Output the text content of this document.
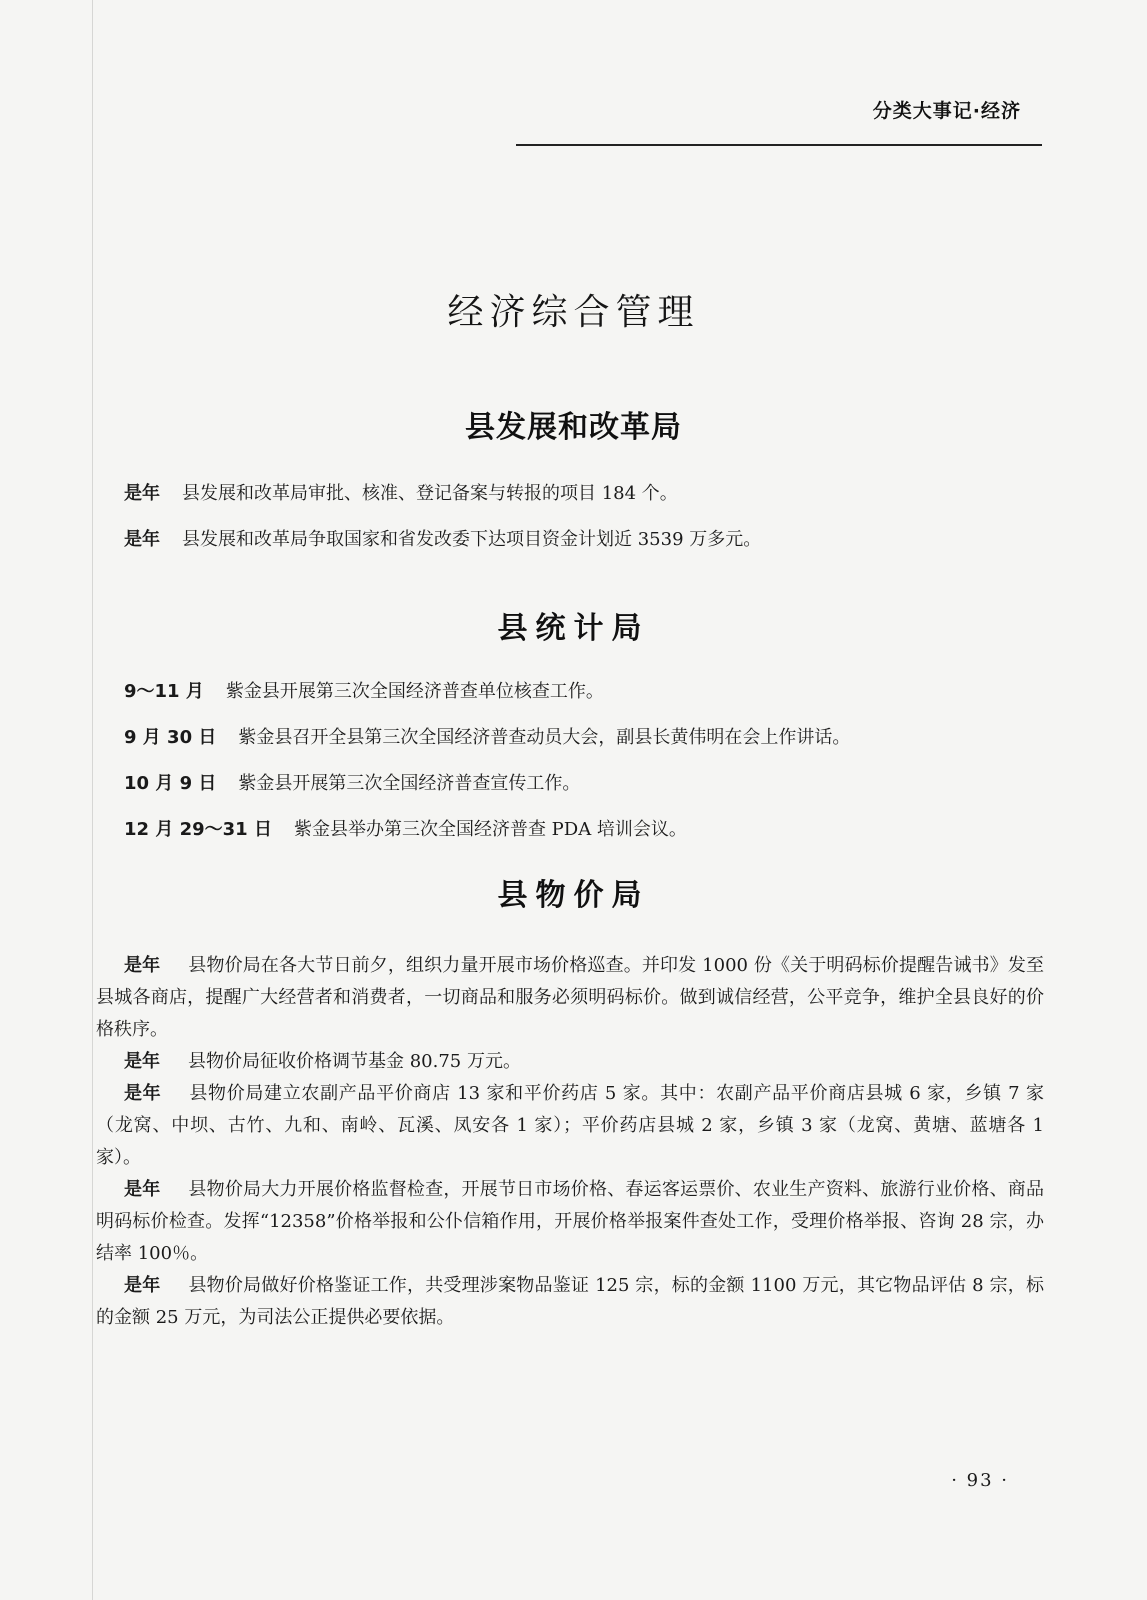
分类大事记·经济
经济综合管理
县发展和改革局
是年 县发展和改革局审批、核准、登记备案与转报的项目 184 个。
是年 县发展和改革局争取国家和省发改委下达项目资金计划近 3539 万多元。
县统计局
9～11 月 紫金县开展第三次全国经济普查单位核查工作。
9 月 30 日 紫金县召开全县第三次全国经济普查动员大会，副县长黄伟明在会上作讲话。
10 月 9 日 紫金县开展第三次全国经济普查宣传工作。
12 月 29～31 日 紫金县举办第三次全国经济普查 PDA 培训会议。
县物价局
是年 县物价局在各大节日前夕，组织力量开展市场价格巡查。并印发 1000 份《关于明码标价提醒告诫书》发至县城各商店，提醒广大经营者和消费者，一切商品和服务必须明码标价。做到诚信经营，公平竞争，维护全县良好的价格秩序。
是年 县物价局征收价格调节基金 80.75 万元。
是年 县物价局建立农副产品平价商店 13 家和平价药店 5 家。其中：农副产品平价商店县城 6 家，乡镇 7 家（龙窝、中坝、古竹、九和、南岭、瓦溪、凤安各 1 家）；平价药店县城 2 家，乡镇 3 家（龙窝、黄塘、蓝塘各 1 家）。
是年 县物价局大力开展价格监督检查，开展节日市场价格、春运客运票价、农业生产资料、旅游行业价格、商品明码标价检查。发挥“12358”价格举报和公仆信箱作用，开展价格举报案件查处工作，受理价格举报、咨询 28 宗，办结率 100％。
是年 县物价局做好价格鉴证工作，共受理涉案物品鉴证 125 宗，标的金额 1100 万元，其它物品评估 8 宗，标的金额 25 万元，为司法公正提供必要依据。
· 93 ·
